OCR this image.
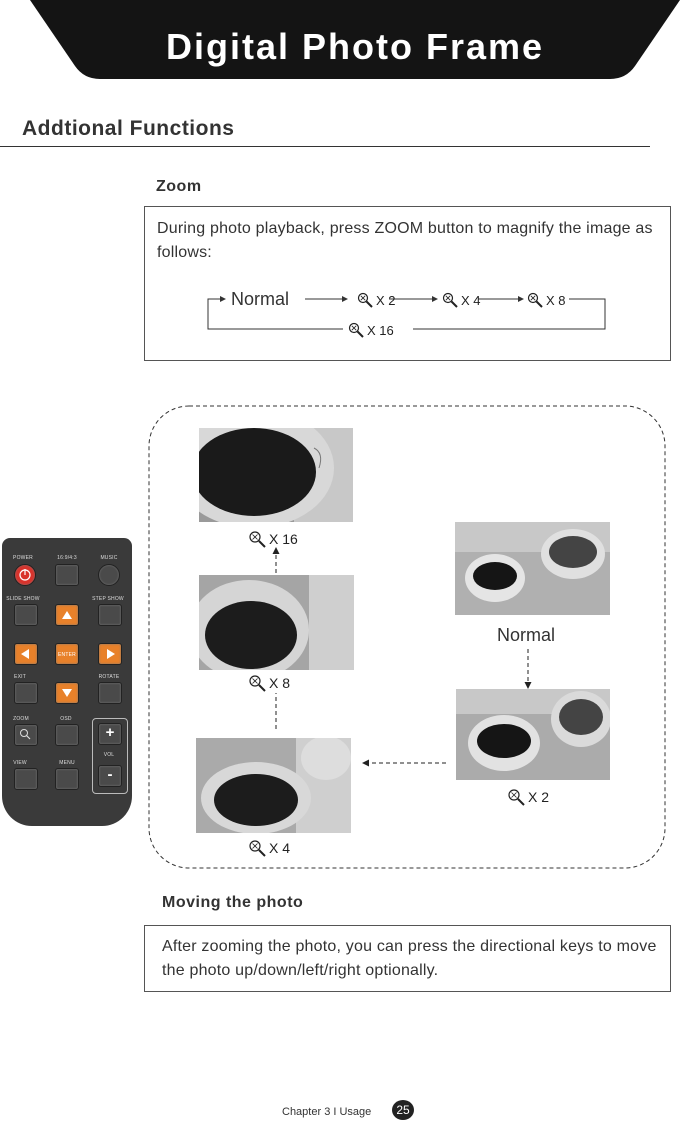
Digital Photo Frame
Addtional Functions
Zoom
During photo playback, press ZOOM button to magnify the image as follows:
Normal	X 2	X 4	X 8
X 16
X 16
X 8
X 4
Normal
X 2
POWER	16:9/4:3	MUSIC
SLIDE SHOW	STEP SHOW
ENTER
EXIT	ROTATE
ZOOM	OSD
+
VOL
-
VIEW	MENU
Moving the photo
After zooming the photo, you can press the directional keys to move the photo up/down/left/right optionally.
Chapter 3 I Usage	25
